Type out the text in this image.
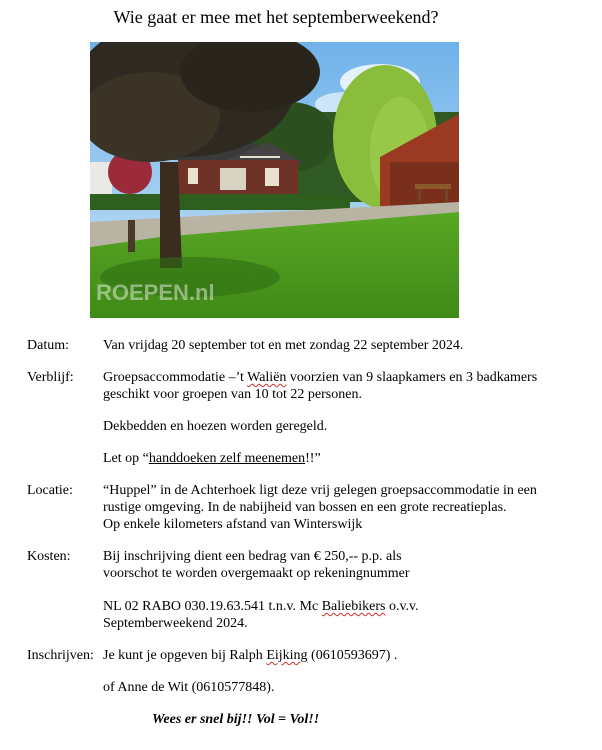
Wie gaat er mee met het septemberweekend?
ROEPEN.nl
Datum: Van vrijdag 20 september tot en met zondag 22 september 2024.
Verblijf: Groepsaccommodatie –’t Waliën voorzien van 9 slaapkamers en 3 badkamers
geschikt voor groepen van 10 tot 22 personen.
Dekbedden en hoezen worden geregeld.
Let op “handdoeken zelf meenemen!!”
Locatie: “Huppel” in de Achterhoek ligt deze vrij gelegen groepsaccommodatie in een
rustige omgeving. In de nabijheid van bossen en een grote recreatieplas.
Op enkele kilometers afstand van Winterswijk
Kosten: Bij inschrijving dient een bedrag van € 250,-- p.p. als
voorschot te worden overgemaakt op rekeningnummer
NL 02 RABO 030.19.63.541 t.n.v. Mc Baliebikers o.v.v.
Septemberweekend 2024.
Inschrijven: Je kunt je opgeven bij Ralph Eijking (0610593697) .
of Anne de Wit (0610577848).
Wees er snel bij!! Vol = Vol!!
